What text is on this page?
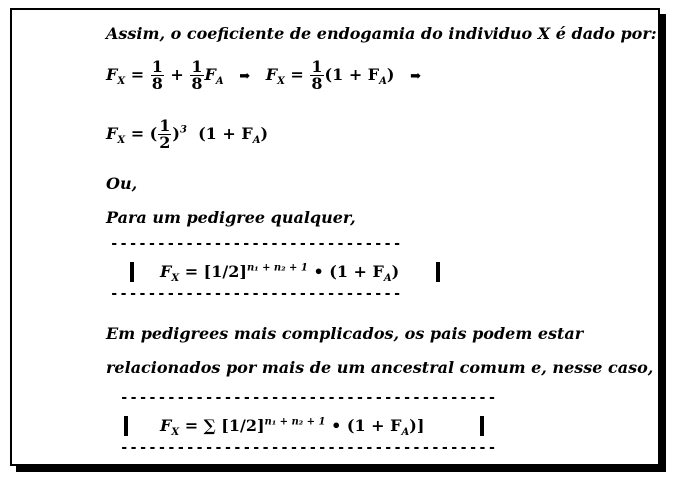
Assim, o coeficiente de endogamia do individuo X é dado por:
$F_X = \frac{1}{8} + \frac{1}{8} F_A$ ➡ $F_X = \frac{1}{8} (1 + F_A)$ ➡
$F_X$ = ( $\frac{1}{2} )^3$ $(1 + F_A)$
Ou,
Para um pedigree qualquer,
-------------------------------
$F_X = [1/2]^{n_1 + n_2 + 1}$ • $(1 + F_A)$
-------------------------------
Em pedigrees mais complicados, os pais podem estar
relacionados por mais de um ancestral comum e, nesse caso,
----------------------------------------
$F_X$ = ∑ $[1/2]^{n_1 + n_2 + 1}$ • $(1 + F_A)$]
----------------------------------------
